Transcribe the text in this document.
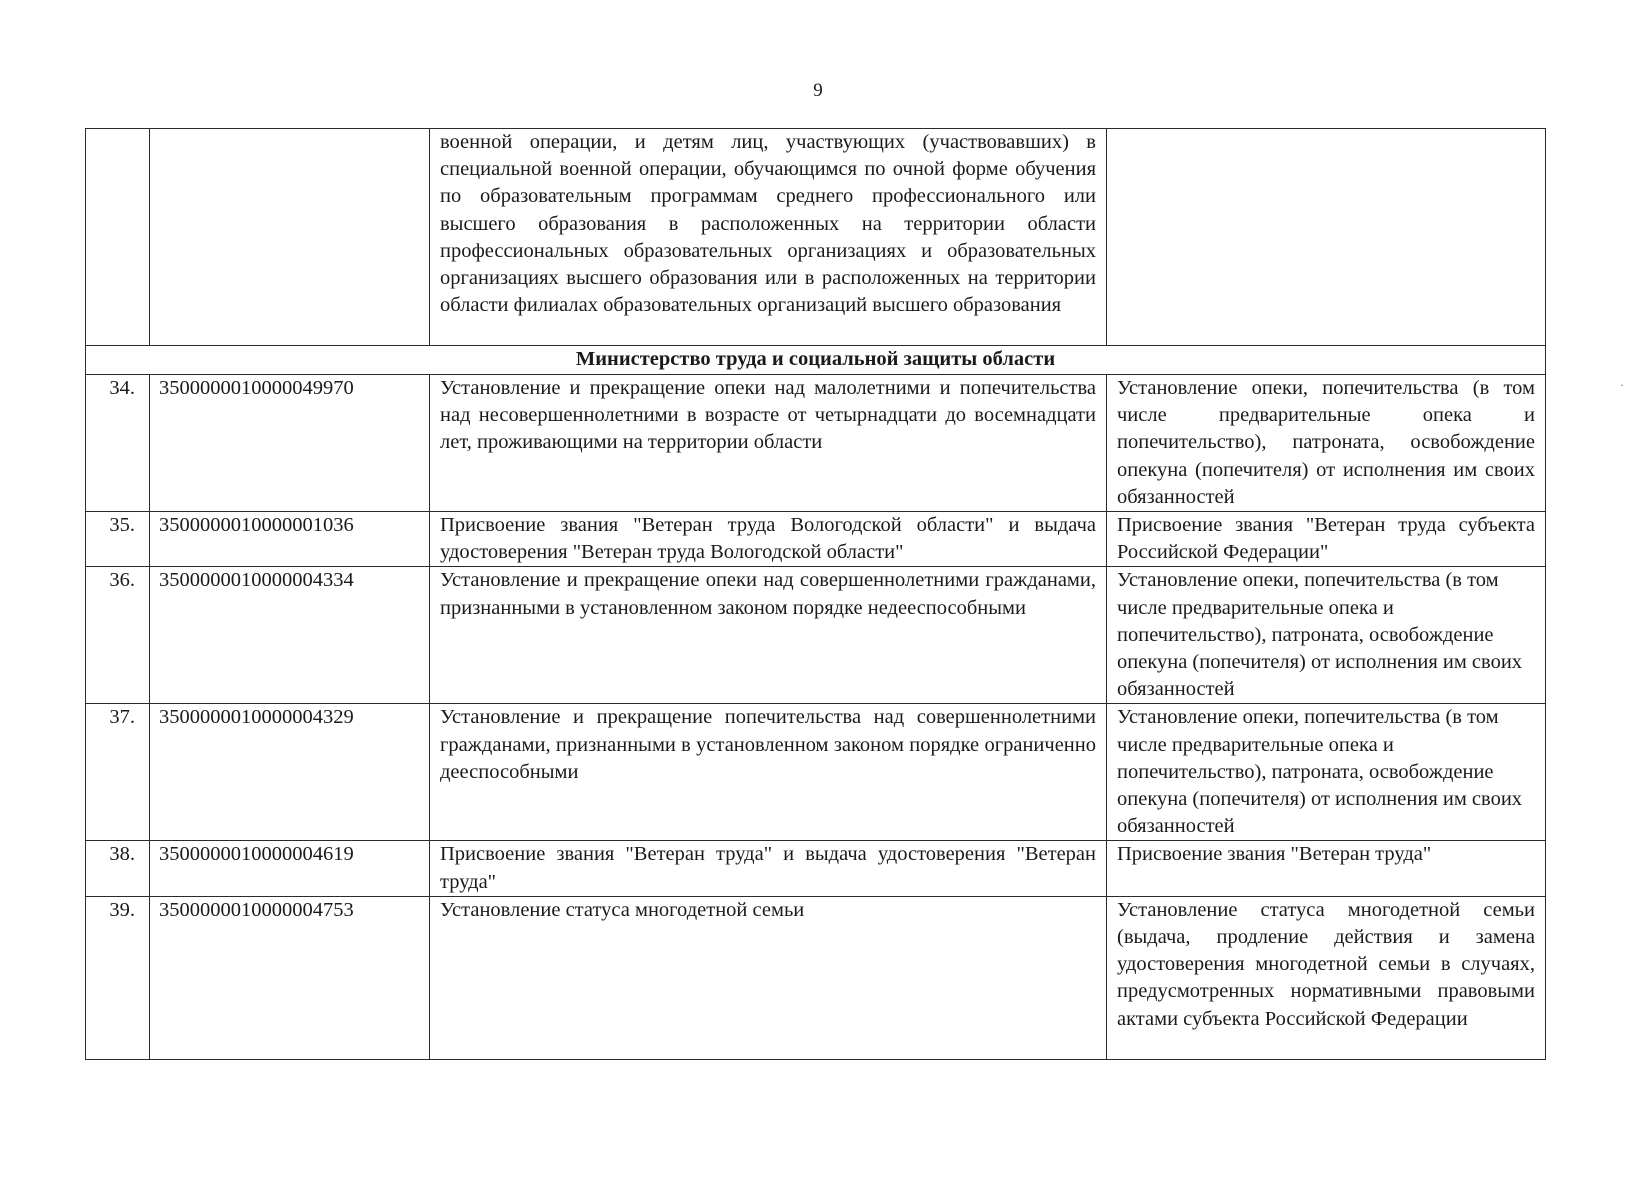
9
·
		военной операции, и детям лиц, участвующих (участвовавших) в специальной военной операции, обучающимся по очной форме обучения по образовательным программам среднего профессионального или высшего образования в расположенных на территории области профессиональных образовательных организациях и образовательных организациях высшего образования или в расположенных на территории области филиалах образовательных организаций высшего образования	
Министерство труда и социальной защиты области			
34.	3500000010000049970	Установление и прекращение опеки над малолетними и попечительства над несовершеннолетними в возрасте от четырнадцати до восемнадцати лет, проживающими на территории области	Установление опеки, попечительства (в том числе предварительные опека и попечительство), патроната, освобождение опекуна (попечителя) от исполнения им своих обязанностей
35.	3500000010000001036	Присвоение звания "Ветеран труда Вологодской области" и выдача удостоверения "Ветеран труда Вологодской области"	Присвоение звания "Ветеран труда субъекта Российской Федерации"
36.	3500000010000004334	Установление и прекращение опеки над совершеннолетними гражданами, признанными в установленном законом порядке недееспособными	Установление опеки, попечительства (в том числе предварительные опека и попечительство), патроната, освобождение опекуна (попечителя) от исполнения им своих обязанностей
37.	3500000010000004329	Установление и прекращение попечительства над совершеннолетними гражданами, признанными в установленном законом порядке ограниченно дееспособными	Установление опеки, попечительства (в том числе предварительные опека и попечительство), патроната, освобождение опекуна (попечителя) от исполнения им своих обязанностей
38.	3500000010000004619	Присвоение звания "Ветеран труда" и выдача удостоверения "Ветеран труда"	Присвоение звания "Ветеран труда"
39.	3500000010000004753	Установление статуса многодетной семьи	Установление статуса многодетной семьи (выдача, продление действия и замена удостоверения многодетной семьи в случаях, предусмотренных нормативными правовыми актами субъекта Российской Федерации
